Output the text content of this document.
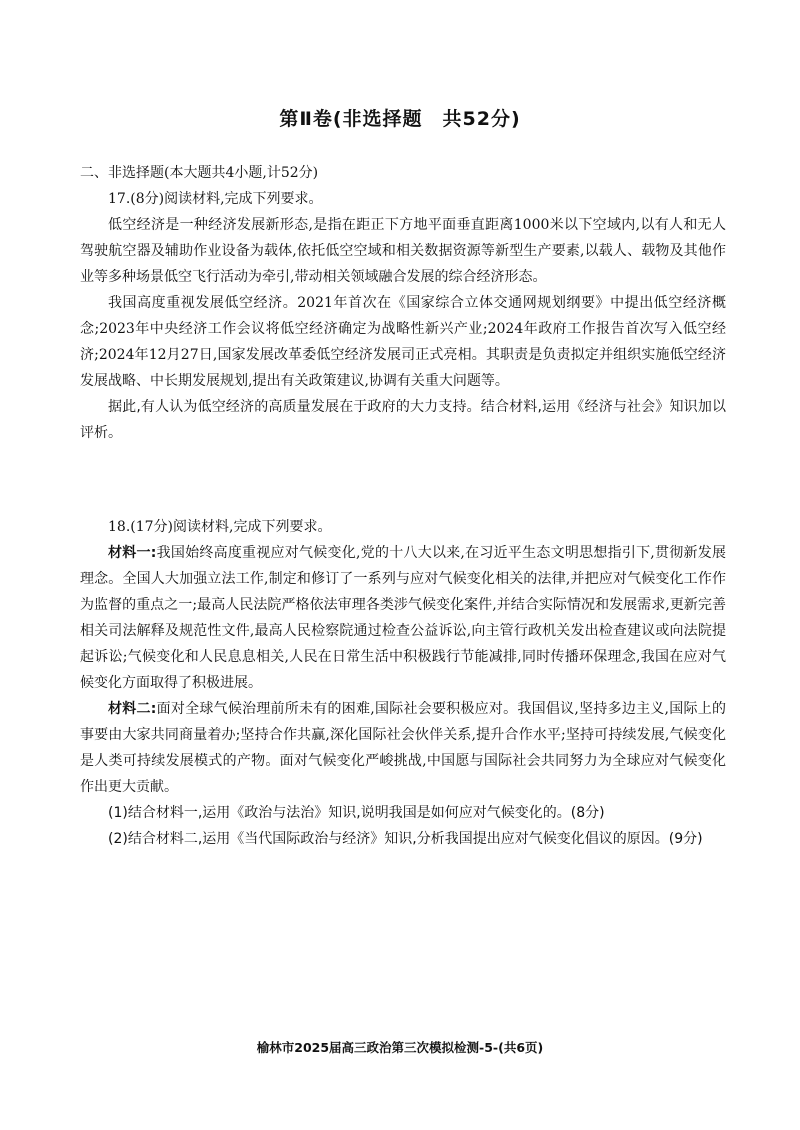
第Ⅱ卷(非选择题　共52分)

二、非选择题(本大题共4小题,计52分)

17.(8分)阅读材料,完成下列要求。

低空经济是一种经济发展新形态,是指在距正下方地平面垂直距离1000米以下空域内,以有人和无人驾驶航空器及辅助作业设备为载体,依托低空空域和相关数据资源等新型生产要素,以载人、载物及其他作业等多种场景低空飞行活动为牵引,带动相关领域融合发展的综合经济形态。

我国高度重视发展低空经济。2021年首次在《国家综合立体交通网规划纲要》中提出低空经济概念;2023年中央经济工作会议将低空经济确定为战略性新兴产业;2024年政府工作报告首次写入低空经济;2024年12月27日,国家发展改革委低空经济发展司正式亮相。其职责是负责拟定并组织实施低空经济发展战略、中长期发展规划,提出有关政策建议,协调有关重大问题等。

据此,有人认为低空经济的高质量发展在于政府的大力支持。结合材料,运用《经济与社会》知识加以评析。

18.(17分)阅读材料,完成下列要求。

材料一:我国始终高度重视应对气候变化,党的十八大以来,在习近平生态文明思想指引下,贯彻新发展理念。全国人大加强立法工作,制定和修订了一系列与应对气候变化相关的法律,并把应对气候变化工作作为监督的重点之一;最高人民法院严格依法审理各类涉气候变化案件,并结合实际情况和发展需求,更新完善相关司法解释及规范性文件,最高人民检察院通过检查公益诉讼,向主管行政机关发出检查建议或向法院提起诉讼;气候变化和人民息息相关,人民在日常生活中积极践行节能减排,同时传播环保理念,我国在应对气候变化方面取得了积极进展。

材料二:面对全球气候治理前所未有的困难,国际社会要积极应对。我国倡议,坚持多边主义,国际上的事要由大家共同商量着办;坚持合作共赢,深化国际社会伙伴关系,提升合作水平;坚持可持续发展,气候变化是人类可持续发展模式的产物。面对气候变化严峻挑战,中国愿与国际社会共同努力为全球应对气候变化作出更大贡献。

(1)结合材料一,运用《政治与法治》知识,说明我国是如何应对气候变化的。(8分)

(2)结合材料二,运用《当代国际政治与经济》知识,分析我国提出应对气候变化倡议的原因。(9分)

榆林市2025届高三政治第三次模拟检测-5-(共6页)
